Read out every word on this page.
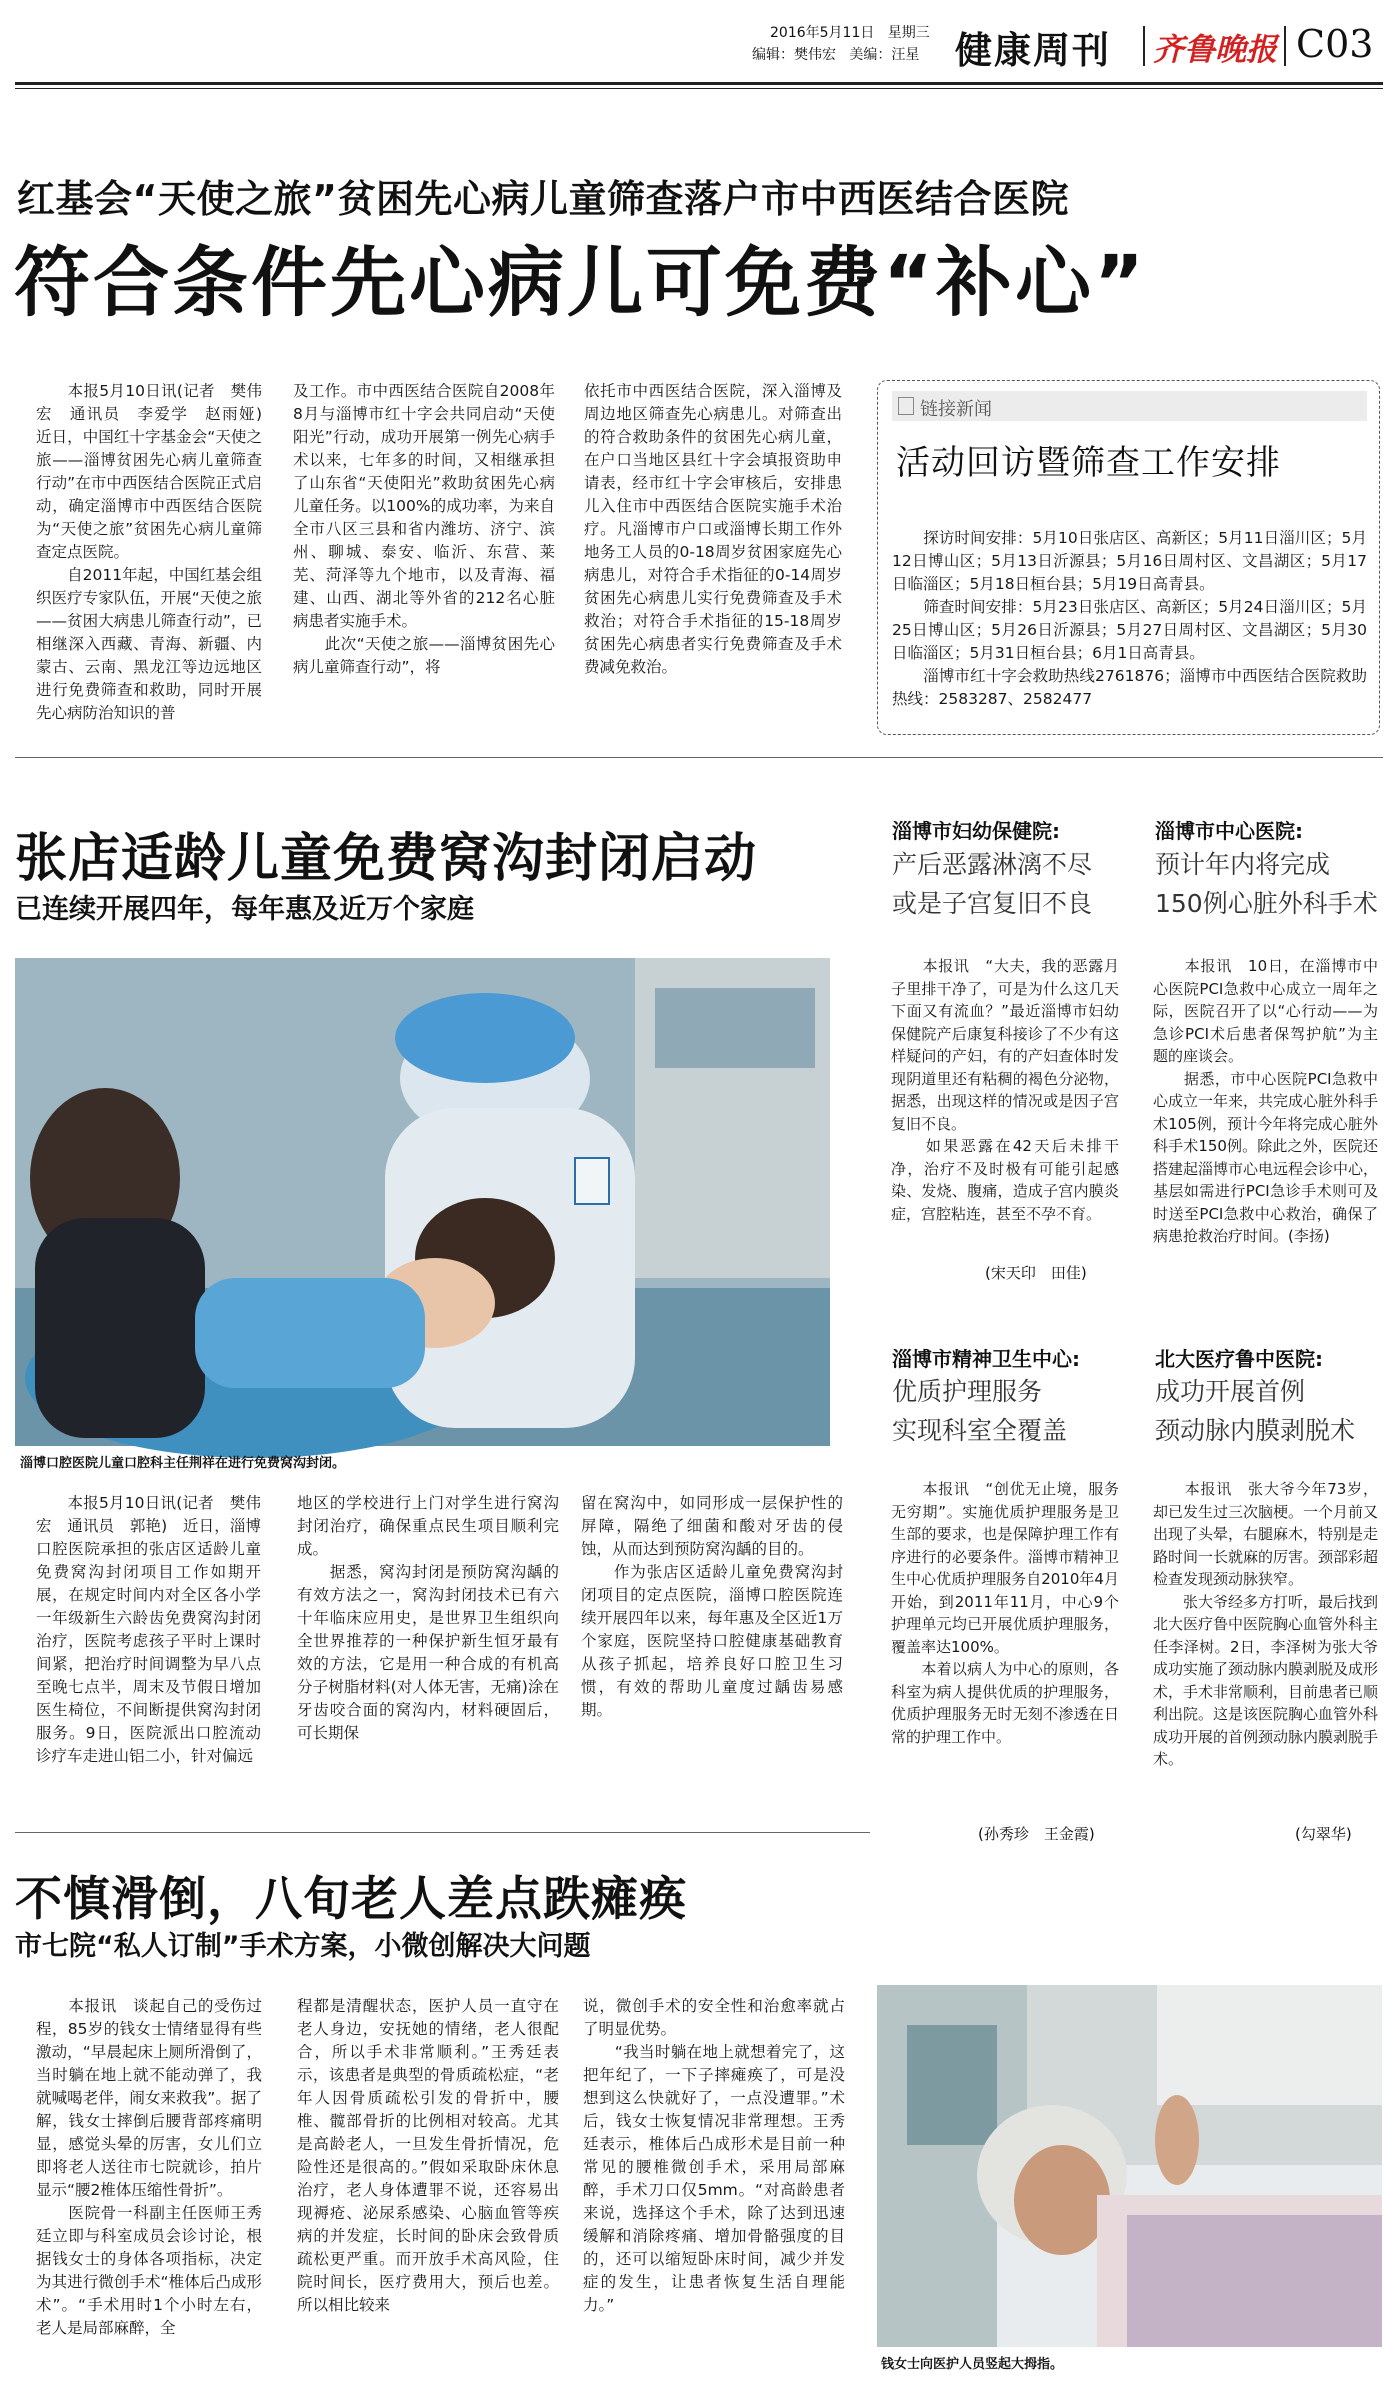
2016年5月11日 星期三
编辑：樊伟宏 美编：汪星 健康周刊 齐鲁晚报 C03
红基会“天使之旅”贫困先心病儿童筛查落户市中西医结合医院
符合条件先心病儿可免费“补心”
　　本报5月10日讯(记者　樊伟宏　通讯员　李爱学　赵雨娅)　近日，中国红十字基金会“天使之旅——淄博贫困先心病儿童筛查行动”在市中西医结合医院正式启动，确定淄博市中西医结合医院为“天使之旅”贫困先心病儿童筛查定点医院。
　　自2011年起，中国红基会组织医疗专家队伍，开展“天使之旅——贫困大病患儿筛查行动”，已相继深入西藏、青海、新疆、内蒙古、云南、黑龙江等边远地区进行免费筛查和救助，同时开展先心病防治知识的普
及工作。市中西医结合医院自2008年8月与淄博市红十字会共同启动“天使阳光”行动，成功开展第一例先心病手术以来，七年多的时间，又相继承担了山东省“天使阳光”救助贫困先心病儿童任务。以100%的成功率，为来自全市八区三县和省内潍坊、济宁、滨州、聊城、泰安、临沂、东营、莱芜、菏泽等九个地市，以及青海、福建、山西、湖北等外省的212名心脏病患者实施手术。
　　此次“天使之旅——淄博贫困先心病儿童筛查行动”，将
依托市中西医结合医院，深入淄博及周边地区筛查先心病患儿。对筛查出的符合救助条件的贫困先心病儿童，在户口当地区县红十字会填报资助申请表，经市红十字会审核后，安排患儿入住市中西医结合医院实施手术治疗。凡淄博市户口或淄博长期工作外地务工人员的0-18周岁贫困家庭先心病患儿，对符合手术指征的0-14周岁贫困先心病患儿实行免费筛查及手术救治；对符合手术指征的15-18周岁贫困先心病患者实行免费筛查及手术费减免救治。
链接新闻
活动回访暨筛查工作安排
　　探访时间安排：5月10日张店区、高新区；5月11日淄川区；5月12日博山区；5月13日沂源县；5月16日周村区、文昌湖区；5月17日临淄区；5月18日桓台县；5月19日高青县。
　　筛查时间安排：5月23日张店区、高新区；5月24日淄川区；5月25日博山区；5月26日沂源县；5月27日周村区、文昌湖区；5月30日临淄区；5月31日桓台县；6月1日高青县。
　　淄博市红十字会救助热线2761876；淄博市中西医结合医院救助热线：2583287、2582477
张店适龄儿童免费窝沟封闭启动
已连续开展四年，每年惠及近万个家庭
淄博口腔医院儿童口腔科主任荆祥在进行免费窝沟封闭。
　　本报5月10日讯(记者　樊伟宏　通讯员　郭艳)　近日，淄博口腔医院承担的张店区适龄儿童免费窝沟封闭项目工作如期开展，在规定时间内对全区各小学一年级新生六龄齿免费窝沟封闭治疗，医院考虑孩子平时上课时间紧，把治疗时间调整为早八点至晚七点半，周末及节假日增加医生椅位，不间断提供窝沟封闭服务。9日，医院派出口腔流动诊疗车走进山铝二小，针对偏远
地区的学校进行上门对学生进行窝沟封闭治疗，确保重点民生项目顺利完成。
　　据悉，窝沟封闭是预防窝沟龋的有效方法之一，窝沟封闭技术已有六十年临床应用史，是世界卫生组织向全世界推荐的一种保护新生恒牙最有效的方法，它是用一种合成的有机高分子树脂材料(对人体无害，无痛)涂在牙齿咬合面的窝沟内，材料硬固后，可长期保
留在窝沟中，如同形成一层保护性的屏障，隔绝了细菌和酸对牙齿的侵蚀，从而达到预防窝沟龋的目的。
　　作为张店区适龄儿童免费窝沟封闭项目的定点医院，淄博口腔医院连续开展四年以来，每年惠及全区近1万个家庭，医院坚持口腔健康基础教育从孩子抓起，培养良好口腔卫生习惯，有效的帮助儿童度过龋齿易感期。
淄博市妇幼保健院:
产后恶露淋漓不尽
或是子宫复旧不良
　　本报讯　“大夫，我的恶露月子里排干净了，可是为什么这几天下面又有流血？”最近淄博市妇幼保健院产后康复科接诊了不少有这样疑问的产妇，有的产妇查体时发现阴道里还有粘稠的褐色分泌物，据悉，出现这样的情况或是因子宫复旧不良。
　　如果恶露在42天后未排干净，治疗不及时极有可能引起感染、发烧、腹痛，造成子宫内膜炎症，宫腔粘连，甚至不孕不育。
(宋天印　田佳)
淄博市中心医院:
预计年内将完成
150例心脏外科手术
　　本报讯　10日，在淄博市中心医院PCI急救中心成立一周年之际，医院召开了以“心行动——为急诊PCI术后患者保驾护航”为主题的座谈会。
　　据悉，市中心医院PCI急救中心成立一年来，共完成心脏外科手术105例，预计今年将完成心脏外科手术150例。除此之外，医院还搭建起淄博市心电远程会诊中心，基层如需进行PCI急诊手术则可及时送至PCI急救中心救治，确保了病患抢救治疗时间。(李扬)
淄博市精神卫生中心:
优质护理服务
实现科室全覆盖
　　本报讯　“创优无止境，服务无穷期”。实施优质护理服务是卫生部的要求，也是保障护理工作有序进行的必要条件。淄博市精神卫生中心优质护理服务自2010年4月开始，到2011年11月，中心9个护理单元均已开展优质护理服务，覆盖率达100%。
　　本着以病人为中心的原则，各科室为病人提供优质的护理服务，优质护理服务无时无刻不渗透在日常的护理工作中。
(孙秀珍　王金霞)
北大医疗鲁中医院:
成功开展首例
颈动脉内膜剥脱术
　　本报讯　张大爷今年73岁，却已发生过三次脑梗。一个月前又出现了头晕，右腿麻木，特别是走路时间一长就麻的厉害。颈部彩超检查发现颈动脉狭窄。
　　张大爷经多方打听，最后找到北大医疗鲁中医院胸心血管外科主任李泽树。2日，李泽树为张大爷成功实施了颈动脉内膜剥脱及成形术，手术非常顺利，目前患者已顺利出院。这是该医院胸心血管外科成功开展的首例颈动脉内膜剥脱手术。
(勾翠华)
不慎滑倒，八旬老人差点跌瘫痪
市七院“私人订制”手术方案，小微创解决大问题
　　本报讯　谈起自己的受伤过程，85岁的钱女士情绪显得有些激动，“早晨起床上厕所滑倒了，当时躺在地上就不能动弹了，我就喊喝老伴，闹女来救我”。据了解，钱女士摔倒后腰背部疼痛明显，感觉头晕的厉害，女儿们立即将老人送往市七院就诊，拍片显示“腰2椎体压缩性骨折”。
　　医院骨一科副主任医师王秀廷立即与科室成员会诊讨论，根据钱女士的身体各项指标，决定为其进行微创手术“椎体后凸成形术”。“手术用时1个小时左右，老人是局部麻醉，全
程都是清醒状态，医护人员一直守在老人身边，安抚她的情绪，老人很配合，所以手术非常顺利。”王秀廷表示，该患者是典型的骨质疏松症，“老年人因骨质疏松引发的骨折中，腰椎、髋部骨折的比例相对较高。尤其是高龄老人，一旦发生骨折情况，危险性还是很高的。”假如采取卧床休息治疗，老人身体遭罪不说，还容易出现褥疮、泌尿系感染、心脑血管等疾病的并发症，长时间的卧床会致骨质疏松更严重。而开放手术高风险，住院时间长，医疗费用大，预后也差。所以相比较来
说，微创手术的安全性和治愈率就占了明显优势。
　　“我当时躺在地上就想着完了，这把年纪了，一下子摔瘫痪了，可是没想到这么快就好了，一点没遭罪。”术后，钱女士恢复情况非常理想。王秀廷表示，椎体后凸成形术是目前一种常见的腰椎微创手术，采用局部麻醉，手术刀口仅5mm。“对高龄患者来说，选择这个手术，除了达到迅速缓解和消除疼痛、增加骨骼强度的目的，还可以缩短卧床时间，减少并发症的发生，让患者恢复生活自理能力。”
钱女士向医护人员竖起大拇指。
